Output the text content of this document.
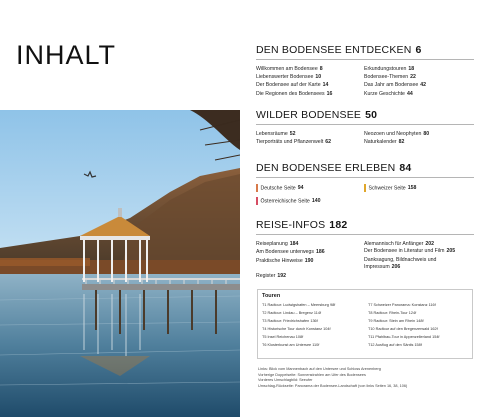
INHALT	DEN BODENSEE ENTDECKEN 6
Willkommen am Bodensee 8	Erkundungstouren 18
Liebenswerter Bodensee 10	Bodensee-Themen 22
Der Bodensee auf der Karte 14	Das Jahr am Bodensee 42
Die Regionen des Bodensees 16	Kurze Geschichte 44
WILDER BODENSEE 50
Lebensräume 52	Neozoen und Neophyten 80
Tierporträts und Pflanzenwelt 62	Naturkalender 82
DEN BODENSEE ERLEBEN 84
Deutsche Seite 94	Schweizer Seite 158
Österreichische Seite 140
REISE-INFOS 182
Reiseplanung 184	Alemannisch für Anfänger 202
Am Bodensee unterwegs 186	Der Bodensee in Literatur und Film 205
Praktische Hinweise 190	Danksagung, Bildnachweis und Impressum 206
Register 192
Touren
T1 Radtour: Ludwigshafen – Meersburg 98f	T7 Schweizer Panorama: Konstanz 116f
T2 Radtour: Lindau – Bregenz 114f	T8 Radtour: Rhein-Tour 124f
T3 Radtour: Friedrichshafen 136f	T9 Radtour: Stein am Rhein 148f
T4 Historische Tour durch Konstanz 104f	T10 Radtour auf den Bregenzerwald 162f
T5 Insel Reichenau 108f	T11 Pfahlbau-Tour in Appenzellerland 154f
T6 Klosterkunst am Untersee 110f	T12 Ausflug auf den Säntis 158f
Links: Blick vom Mannenbach auf den Untersee und Schloss Arenenberg
Vorherige Doppelseite: Sonnenstrahlen am Ufer des Bodensees
Vorderes Umschlagbild: Seeufer
Umschlag-Rückseite: Panorama der Bodensee-Landschaft (von links Seiten 16, 38, 106)
